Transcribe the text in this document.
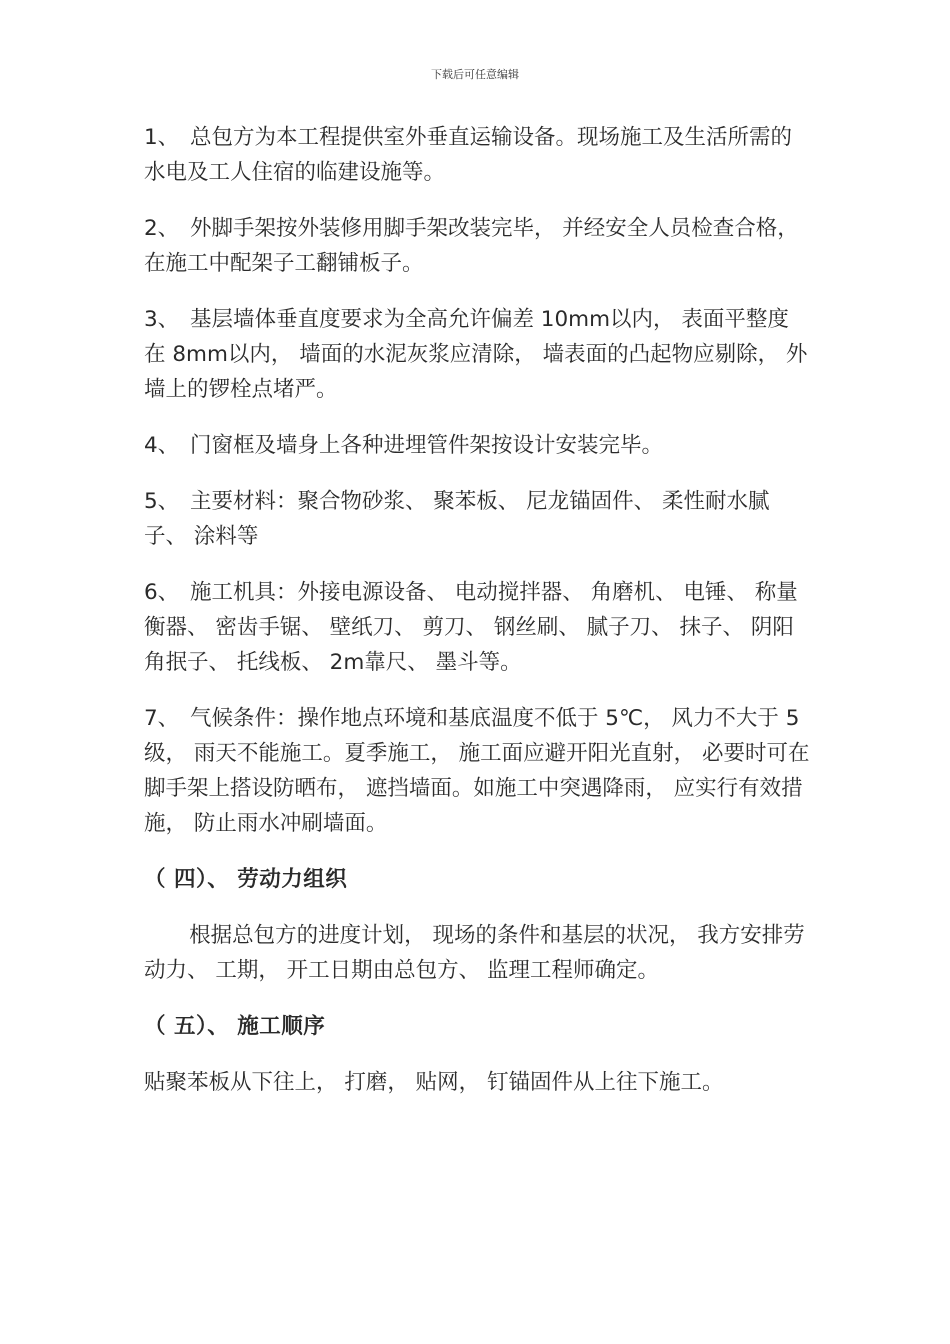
下载后可任意编辑

1、 总包方为本工程提供室外垂直运输设备。现场施工及生活所需的水电及工人住宿的临建设施等。

2、 外脚手架按外装修用脚手架改装完毕， 并经安全人员检查合格， 在施工中配架子工翻铺板子。

3、 基层墙体垂直度要求为全高允许偏差 10mm以内， 表面平整度在 8mm以内， 墙面的水泥灰浆应清除， 墙表面的凸起物应剔除， 外墙上的锣栓点堵严。

4、 门窗框及墙身上各种进埋管件架按设计安装完毕。

5、 主要材料：聚合物砂浆、 聚苯板、 尼龙锚固件、 柔性耐水腻子、 涂料等

6、 施工机具：外接电源设备、 电动搅拌器、 角磨机、 电锤、 称量衡器、 密齿手锯、 壁纸刀、 剪刀、 钢丝刷、 腻子刀、 抹子、 阴阳角抿子、 托线板、 2m靠尺、 墨斗等。

7、 气候条件：操作地点环境和基底温度不低于 5℃， 风力不大于 5 级， 雨天不能施工。夏季施工， 施工面应避开阳光直射， 必要时可在脚手架上搭设防晒布， 遮挡墙面。如施工中突遇降雨， 应实行有效措施， 防止雨水冲刷墙面。

（ 四）、 劳动力组织

根据总包方的进度计划， 现场的条件和基层的状况， 我方安排劳动力、 工期， 开工日期由总包方、 监理工程师确定。

（ 五）、 施工顺序

贴聚苯板从下往上， 打磨， 贴网， 钉锚固件从上往下施工。
